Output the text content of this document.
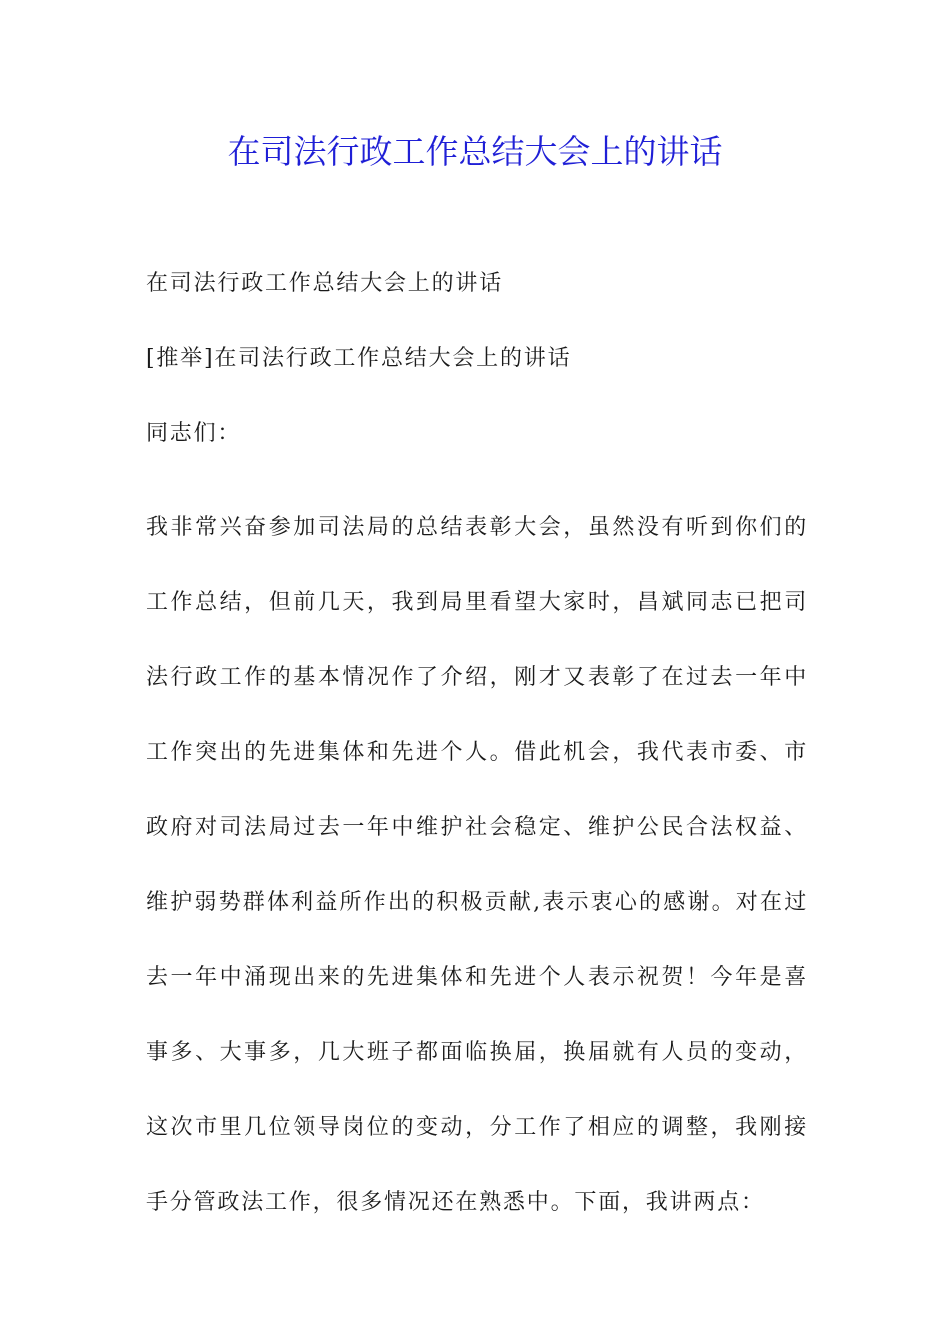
在司法行政工作总结大会上的讲话

在司法行政工作总结大会上的讲话

[推举]在司法行政工作总结大会上的讲话

同志们：

我非常兴奋参加司法局的总结表彰大会，虽然没有听到你们的
工作总结，但前几天，我到局里看望大家时，昌斌同志已把司
法行政工作的基本情况作了介绍，刚才又表彰了在过去一年中
工作突出的先进集体和先进个人。借此机会，我代表市委、市
政府对司法局过去一年中维护社会稳定、维护公民合法权益、
维护弱势群体利益所作出的积极贡献,表示衷心的感谢。对在过
去一年中涌现出来的先进集体和先进个人表示祝贺！今年是喜
事多、大事多，几大班子都面临换届，换届就有人员的变动，
这次市里几位领导岗位的变动，分工作了相应的调整，我刚接
手分管政法工作，很多情况还在熟悉中。下面，我讲两点：
